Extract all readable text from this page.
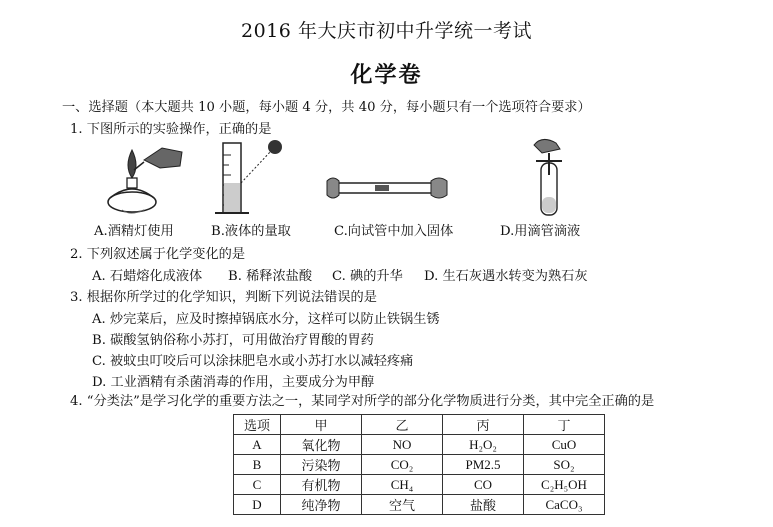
2016 年大庆市初中升学统一考试
化学卷
一、选择题（本大题共 10 小题，每小题 4 分，共 40 分，每小题只有一个选项符合要求）
1. 下图所示的实验操作，正确的是
A.酒精灯使用	B.液体的量取	C.向试管中加入固体	D.用滴管滴液
2. 下列叙述属于化学变化的是
A. 石蜡熔化成液体 B. 稀释浓盐酸 C. 碘的升华 D. 生石灰遇水转变为熟石灰
3. 根据你所学过的化学知识，判断下列说法错误的是
A. 炒完菜后，应及时擦掉锅底水分，这样可以防止铁锅生锈
B. 碳酸氢钠俗称小苏打，可用做治疗胃酸的胃药
C. 被蚊虫叮咬后可以涂抹肥皂水或小苏打水以减轻疼痛
D. 工业酒精有杀菌消毒的作用，主要成分为甲醇
4. “分类法”是学习化学的重要方法之一，某同学对所学的部分化学物质进行分类，其中完全正确的是
选项	甲	乙	丙	丁
A	氧化物	NO	H₂O₂	CuO
B	污染物	CO₂	PM2.5	SO₂
C	有机物	CH₄	CO	C₂H₅OH
D	纯净物	空气	盐酸	CaCO₃
